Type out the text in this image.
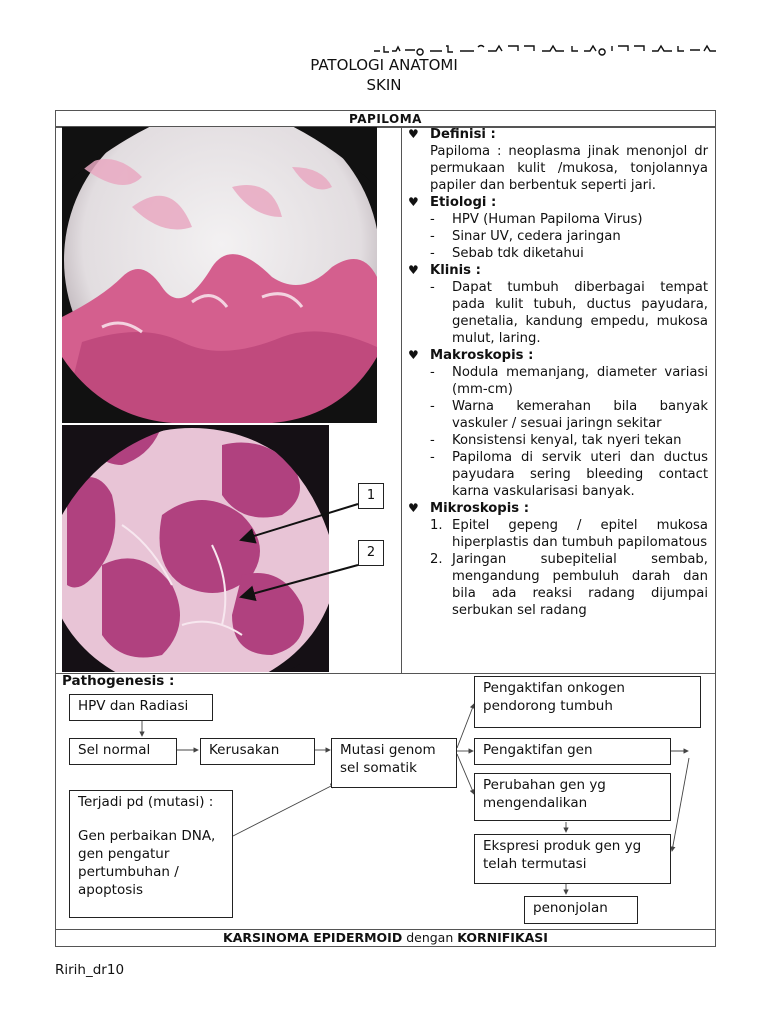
PATOLOGI ANATOMI
SKIN
PAPILOMA
1
2
♥ Definisi :
Papiloma : neoplasma jinak menonjol dr permukaan kulit /mukosa, tonjolannya papiler dan berbentuk seperti jari.
♥ Etiologi :
-	HPV (Human Papiloma Virus)
-	Sinar UV, cedera jaringan
-	Sebab tdk diketahui
♥ Klinis :
-	Dapat tumbuh diberbagai tempat pada kulit tubuh, ductus payudara, genetalia, kandung empedu, mukosa mulut, laring.
♥ Makroskopis :
-	Nodula memanjang, diameter variasi (mm-cm)
-	Warna kemerahan bila banyak vaskuler / sesuai jaringn sekitar
-	Konsistensi kenyal, tak nyeri tekan
-	Papiloma di servik uteri dan ductus payudara sering bleeding contact karna vaskularisasi banyak.
♥ Mikroskopis :
1. Epitel gepeng / epitel mukosa hiperplastis dan tumbuh papilomatous
2. Jaringan subepitelial sembab, mengandung pembuluh darah dan bila ada reaksi radang dijumpai serbukan sel radang
Pathogenesis :
HPV dan Radiasi
Sel normal	Kerusakan	Mutasi genom sel somatik
Terjadi pd (mutasi) :
Gen perbaikan DNA, gen pengatur pertumbuhan / apoptosis
Pengaktifan onkogen pendorong tumbuh
Pengaktifan gen
Perubahan gen yg mengendalikan
Ekspresi produk gen yg telah termutasi
penonjolan
KARSINOMA EPIDERMOID dengan KORNIFIKASI
Ririh_dr10
